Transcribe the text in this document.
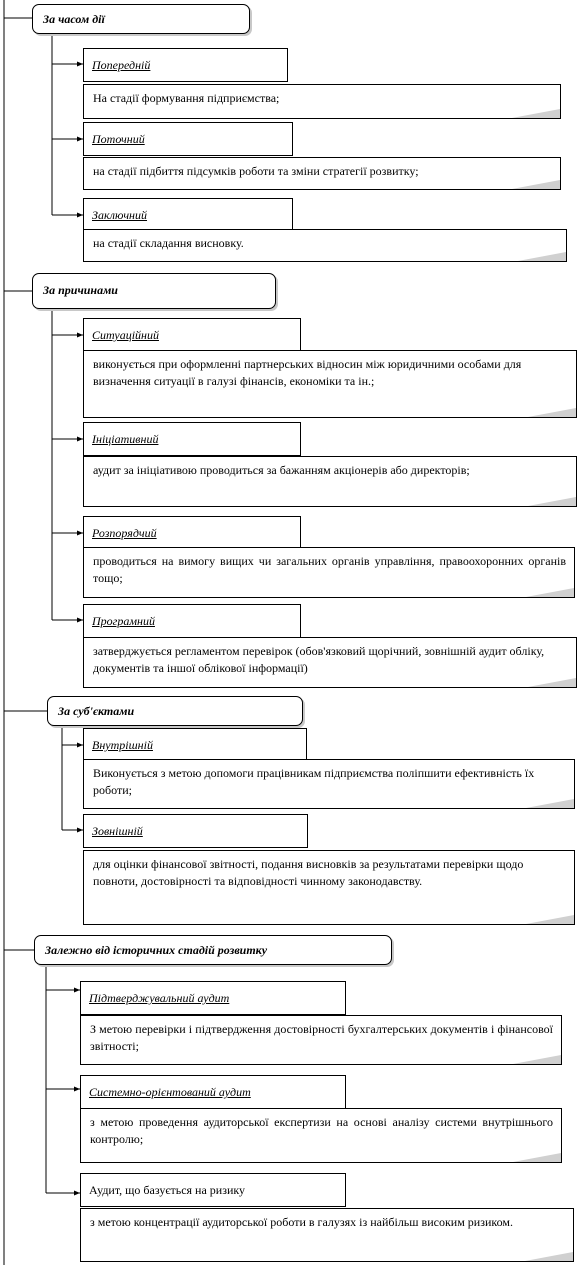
За часом дії
Попередній

На стадії формування підприємства;

Поточний

на стадії підбиття підсумків роботи та зміни стратегії розвитку;

Заключний

на стадії складання висновку.

За причинами
Ситуаційний

виконується при оформленні партнерських відносин між юридичними особами для визначення ситуації в галузі фінансів, економіки та ін.;

Ініціативний

аудит за ініціативою проводиться за бажанням акціонерів або директорів;

Розпорядчий

проводиться на вимогу вищих чи загальних органів управління, правоохоронних органів тощо;

Програмний

затверджується регламентом перевірок (обов'язковий щорічний, зовнішній аудит обліку, документів та іншої облікової інформації)

За суб'єктами
Внутрішній

Виконується з метою допомоги працівникам підприємства поліпшити ефективність їх роботи;

Зовнішній

для оцінки фінансової звітності, подання висновків за результатами перевірки щодо повноти, достовірності та відповідності чинному законодавству.

Залежно від історичних стадій розвитку
Підтверджувальний аудит

З метою перевірки і підтвердження достовірності бухгалтерських документів і фінансової звітності;

Системно-орієнтований аудит

з метою проведення аудиторської експертизи на основі аналізу системи внутрішнього контролю;

Аудит, що базується на ризику

з метою концентрації аудиторської роботи в галузях із найбільш високим ризиком.
